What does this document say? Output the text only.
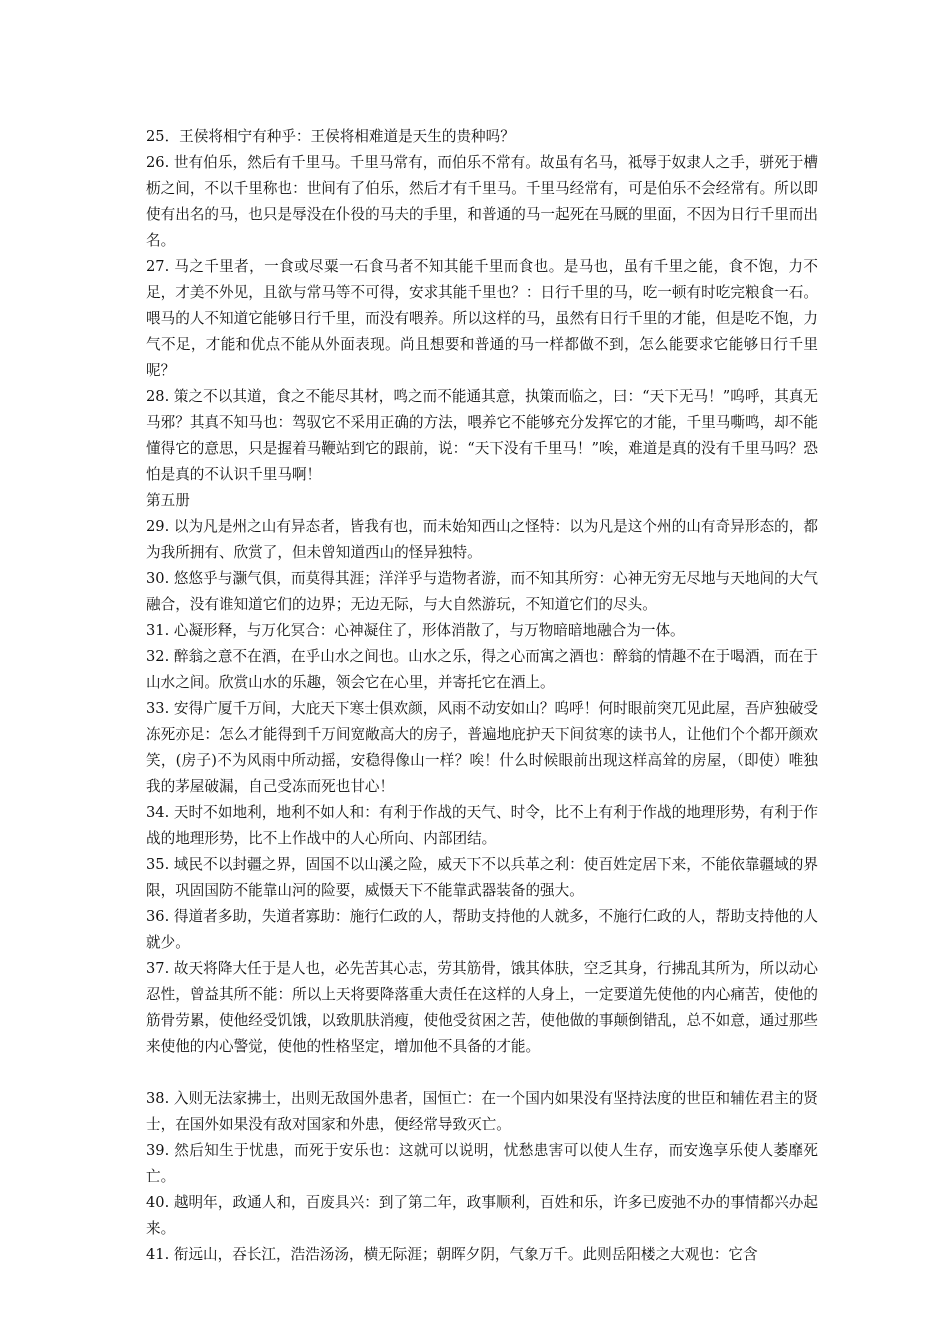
25．王侯将相宁有种乎：王侯将相难道是天生的贵种吗？

26. 世有伯乐，然后有千里马。千里马常有，而伯乐不常有。故虽有名马，祗辱于奴隶人之手，骈死于槽枥之间，不以千里称也：世间有了伯乐，然后才有千里马。千里马经常有，可是伯乐不会经常有。所以即使有出名的马，也只是辱没在仆役的马夫的手里，和普通的马一起死在马厩的里面，不因为日行千里而出名。

27. 马之千里者，一食或尽粟一石食马者不知其能千里而食也。是马也，虽有千里之能，食不饱，力不足，才美不外见，且欲与常马等不可得，安求其能千里也？：日行千里的马，吃一顿有时吃完粮食一石。喂马的人不知道它能够日行千里，而没有喂养。所以这样的马，虽然有日行千里的才能，但是吃不饱，力气不足，才能和优点不能从外面表现。尚且想要和普通的马一样都做不到，怎么能要求它能够日行千里呢？

28. 策之不以其道，食之不能尽其材，鸣之而不能通其意，执策而临之，曰：“天下无马！”呜呼，其真无马邪？其真不知马也：驾驭它不采用正确的方法，喂养它不能够充分发挥它的才能，千里马嘶鸣，却不能懂得它的意思，只是握着马鞭站到它的跟前，说：“天下没有千里马！”唉，难道是真的没有千里马吗？恐怕是真的不认识千里马啊！

第五册

29. 以为凡是州之山有异态者，皆我有也，而未始知西山之怪特：以为凡是这个州的山有奇异形态的，都为我所拥有、欣赏了，但未曾知道西山的怪异独特。

30. 悠悠乎与灏气俱，而莫得其涯；洋洋乎与造物者游，而不知其所穷：心神无穷无尽地与天地间的大气融合，没有谁知道它们的边界；无边无际，与大自然游玩，不知道它们的尽头。

31. 心凝形释，与万化冥合：心神凝住了，形体消散了，与万物暗暗地融合为一体。

32. 醉翁之意不在酒，在乎山水之间也。山水之乐，得之心而寓之酒也：醉翁的情趣不在于喝酒，而在于山水之间。欣赏山水的乐趣，领会它在心里，并寄托它在酒上。

33. 安得广厦千万间，大庇天下寒士俱欢颜，风雨不动安如山？呜呼！何时眼前突兀见此屋，吾庐独破受冻死亦足：怎么才能得到千万间宽敞高大的房子，普遍地庇护天下间贫寒的读书人，让他们个个都开颜欢笑，(房子)不为风雨中所动摇，安稳得像山一样？唉！什么时候眼前出现这样高耸的房屋，（即使）唯独我的茅屋破漏，自己受冻而死也甘心！

34. 天时不如地利，地利不如人和：有利于作战的天气、时令，比不上有利于作战的地理形势，有利于作战的地理形势，比不上作战中的人心所向、内部团结。

35. 域民不以封疆之界，固国不以山溪之险，威天下不以兵革之利：使百姓定居下来，不能依靠疆域的界限，巩固国防不能靠山河的险要，威慑天下不能靠武器装备的强大。

36. 得道者多助，失道者寡助：施行仁政的人，帮助支持他的人就多，不施行仁政的人，帮助支持他的人就少。

37. 故天将降大任于是人也，必先苦其心志，劳其筋骨，饿其体肤，空乏其身，行拂乱其所为，所以动心忍性，曾益其所不能：所以上天将要降落重大责任在这样的人身上，一定要道先使他的内心痛苦，使他的筋骨劳累，使他经受饥饿，以致肌肤消瘦，使他受贫困之苦，使他做的事颠倒错乱，总不如意，通过那些来使他的内心警觉，使他的性格坚定，增加他不具备的才能。

38. 入则无法家拂士，出则无敌国外患者，国恒亡：在一个国内如果没有坚持法度的世臣和辅佐君主的贤士，在国外如果没有敌对国家和外患，便经常导致灭亡。

39. 然后知生于忧患，而死于安乐也：这就可以说明，忧愁患害可以使人生存，而安逸享乐使人萎靡死亡。

40. 越明年，政通人和，百废具兴：到了第二年，政事顺利，百姓和乐，许多已废弛不办的事情都兴办起来。

41. 衔远山，吞长江，浩浩汤汤，横无际涯；朝晖夕阴，气象万千。此则岳阳楼之大观也：它含
